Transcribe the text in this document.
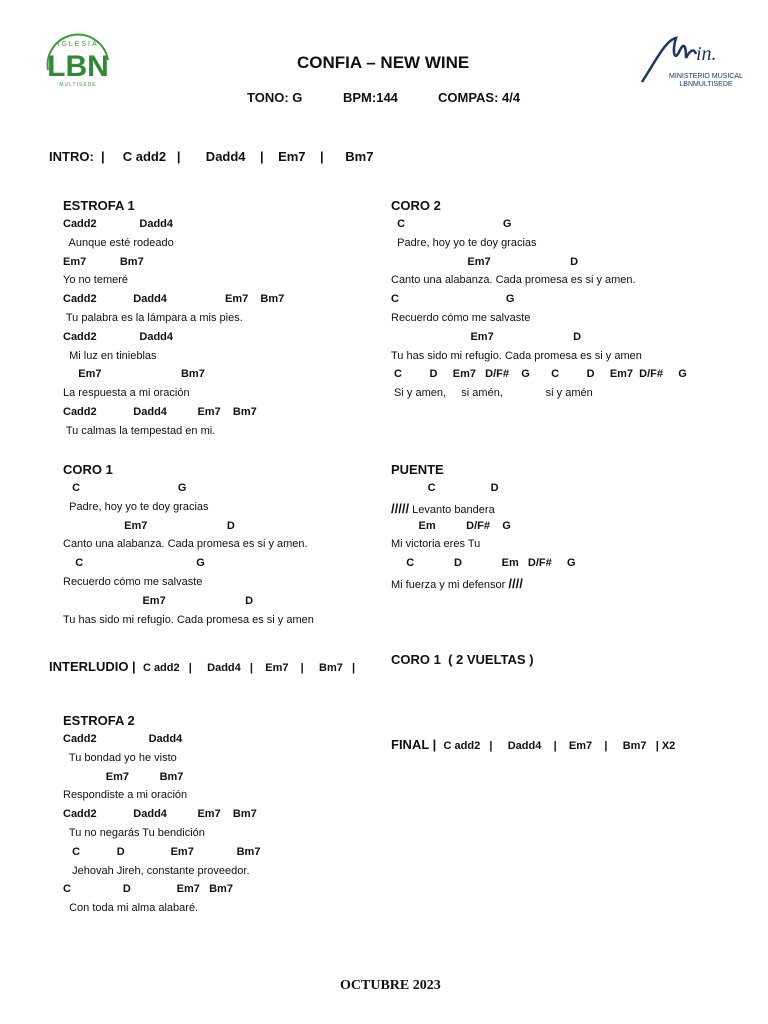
IGLESIA
LBN
MULTISEDE
in.
MINISTERIO MUSICAL
LBNMULTISEDE
CONFIA – NEW WINE
TONO: G	BPM:144	COMPAS: 4/4
INTRO: |     C add2   |       Dadd4    |    Em7    |      Bm7
ESTROFA 1
Cadd2              Dadd4
Aunque esté rodeado
Em7           Bm7
Yo no temeré
Cadd2            Dadd4                   Em7    Bm7
Tu palabra es la lámpara a mis pies.
Cadd2              Dadd4
Mi luz en tinieblas
Em7                          Bm7
La respuesta a mi oración
Cadd2            Dadd4          Em7    Bm7
Tu calmas la tempestad en mi.
CORO 1
C                                G
Padre, hoy yo te doy gracias
Em7                          D
Canto una alabanza. Cada promesa es si y amen.
C                                     G
Recuerdo cómo me salvaste
Em7                          D
Tu has sido mi refugio. Cada promesa es si y amen
INTERLUDIO | C add2   |     Dadd4   |    Em7    |     Bm7   |
ESTROFA 2
Cadd2                 Dadd4
Tu bondad yo he visto
Em7          Bm7
Respondiste a mi oración
Cadd2            Dadd4          Em7    Bm7
Tu no negarás Tu bendición
C            D               Em7              Bm7
Jehovah Jireh, constante proveedor.
C                 D               Em7   Bm7
Con toda mi alma alabaré.
CORO 2
C                                G
Padre, hoy yo te doy gracias
Em7                          D
Canto una alabanza. Cada promesa es si y amen.
C                                   G
Recuerdo cómo me salvaste
Em7                          D
Tu has sido mi refugio. Cada promesa es si y amen
C         D     Em7   D/F#    G       C         D     Em7  D/F#     G
Si y amen,     si amén,              si y amén
PUENTE
C                  D
///// Levanto bandera
Em          D/F#    G
Mi victoria eres Tu
C             D             Em   D/F#     G
Mi fuerza y mi defensor ////
CORO 1  ( 2 VUELTAS )
FINAL | C add2   |     Dadd4    |    Em7    |     Bm7   | X2
OCTUBRE 2023
